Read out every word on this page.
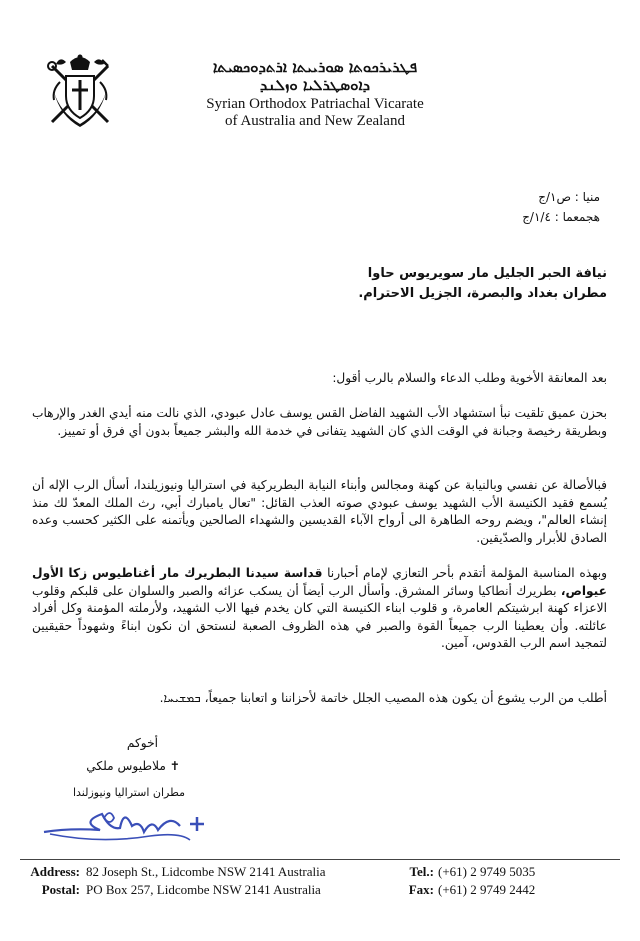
ܦܛܪܝܪܟܘܬܐ ܣܘܪܝܝܬܐ ܐܪܬܕܘܟܣܝܬܐ
ܕܐܘܣܛܪܠܝܐ ܘܙܠܢܕ
Syrian Orthodox Patriachal Vicarate
of Australia and New Zealand
منيا : ص١/ج
هجمعما : ١/٤/ج
نيافة الحبر الجليل مار سويريوس حاوا
مطران بغداد والبصرة، الجزيل الاحترام.
بعد المعانقة الأخوية وطلب الدعاء والسلام بالرب أقول:
بحزن عميق تلقيت نبأ استشهاد الأب الشهيد الفاضل القس يوسف عادل عبودي، الذي نالت منه أيدي الغدر والإرهاب وبطريقة رخيصة وجبانة في الوقت الذي كان الشهيد يتفانى في خدمة الله والبشر جميعاً بدون أي فرق أو تمييز.
فبالأصالة عن نفسي وبالنيابة عن كهنة ومجالس وأبناء النيابة البطريركية في استراليا ونيوزيلندا، أسأل الرب الإله أن يُسمع فقيد الكنيسة الأب الشهيد يوسف عبودي صوته العذب القائل: "تعال يامبارك أبي، رث الملك المعدّ لك منذ إنشاء العالم"، ويضم روحه الطاهرة الى أرواح الآباء القديسين والشهداء الصالحين ويأتمنه على الكثير كحسب وعده الصادق للأبرار والصدّيقين.
وبهذه المناسبة المؤلمة أتقدم بأحر التعازي لإمام أحبارنا قداسة سيدنا البطريرك مار أغناطيوس زكا الأول عيواص، بطريرك أنطاكيا وسائر المشرق. وأسأل الرب أيضاً أن يسكب عزائه والصبر والسلوان على قلبكم وقلوب الاعزاء كهنة ابرشيتكم العامرة، و قلوب ابناء الكنيسة التي كان يخدم فيها الاب الشهيد، ولأرملته المؤمنة وكل أفراد عائلته. وأن يعطينا الرب جميعاً القوة والصبر في هذه الظروف الصعبة لنستحق ان نكون ابناءً وشهوداً حقيقيين لتمجيد اسم الرب القدوس، آمين.
أطلب من الرب يشوع أن يكون هذه المصيب الجلل خاتمة لأحزاننا و اتعابنا جميعاً، ܒܡܫܝܚܐ.
أخوكم
✝ ملاطيوس ملكي
مطران استراليا ونيوزلندا
Address: 82 Joseph St., Lidcombe NSW 2141 Australia	Tel.: (+61) 2 9749 5035
Postal: PO Box 257, Lidcombe NSW 2141 Australia	Fax: (+61) 2 9749 2442
